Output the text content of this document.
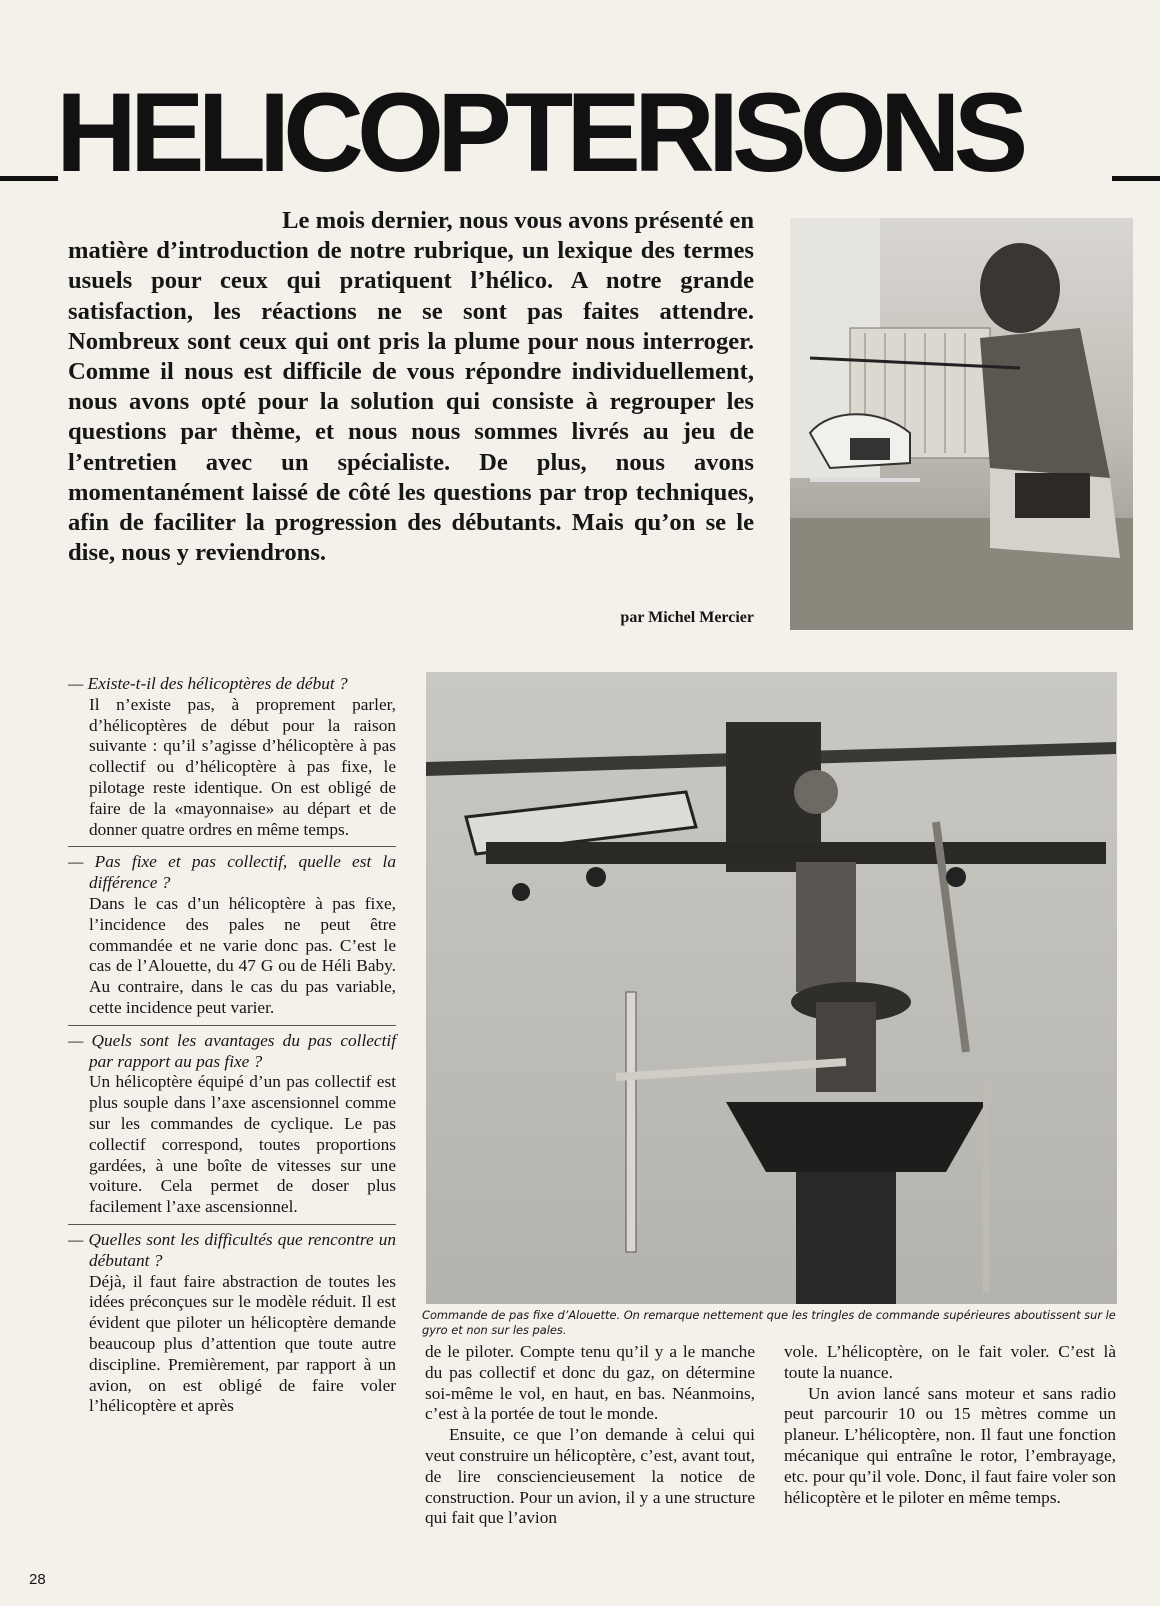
HELICOPTERISONS

Le mois dernier, nous vous avons présenté en
matière d’introduction de notre rubrique, un lexique des termes usuels pour ceux qui pratiquent l’hélico. A notre grande satisfaction, les réactions ne se sont pas faites attendre. Nombreux sont ceux qui ont pris la plume pour nous interroger. Comme il nous est difficile de vous répondre individuellement, nous avons opté pour la solution qui consiste à regrouper les questions par thème, et nous nous sommes livrés au jeu de l’entretien avec un spécialiste. De plus, nous avons momentanément laissé de côté les questions par trop techniques, afin de faciliter la progression des débutants. Mais qu’on se le dise, nous y reviendrons.

par Michel Mercier

Commande de pas fixe d’Alouette. On remarque nettement que les tringles de commande supérieures aboutissent sur le gyro et non sur les pales.

— Existe-t-il des hélicoptères de début ?

Il n’existe pas, à proprement parler, d’hélicoptères de début pour la raison suivante : qu’il s’agisse d’hélicoptère à pas collectif ou d’hélicoptère à pas fixe, le pilotage reste identique. On est obligé de faire de la «mayonnaise» au départ et de donner quatre ordres en même temps.

— Pas fixe et pas collectif, quelle est la différence ?

Dans le cas d’un hélicoptère à pas fixe, l’incidence des pales ne peut être commandée et ne varie donc pas. C’est le cas de l’Alouette, du 47 G ou de Héli Baby. Au contraire, dans le cas du pas variable, cette incidence peut varier.

— Quels sont les avantages du pas collectif par rapport au pas fixe ?

Un hélicoptère équipé d’un pas collectif est plus souple dans l’axe ascensionnel comme sur les commandes de cyclique. Le pas collectif correspond, toutes proportions gardées, à une boîte de vitesses sur une voiture. Cela permet de doser plus facilement l’axe ascensionnel.

— Quelles sont les difficultés que rencontre un débutant ?

Déjà, il faut faire abstraction de toutes les idées préconçues sur le modèle réduit. Il est évident que piloter un hélicoptère demande beaucoup plus d’attention que toute autre discipline. Premièrement, par rapport à un avion, on est obligé de faire voler l’hélicoptère et après

de le piloter. Compte tenu qu’il y a le manche du pas collectif et donc du gaz, on détermine soi-même le vol, en haut, en bas. Néanmoins, c’est à la portée de tout le monde.

Ensuite, ce que l’on demande à celui qui veut construire un hélicoptère, c’est, avant tout, de lire consciencieusement la notice de construction. Pour un avion, il y a une structure qui fait que l’avion

vole. L’hélicoptère, on le fait voler. C’est là toute la nuance.

Un avion lancé sans moteur et sans radio peut parcourir 10 ou 15 mètres comme un planeur. L’hélicoptère, non. Il faut une fonction mécanique qui entraîne le rotor, l’embrayage, etc. pour qu’il vole. Donc, il faut faire voler son hélicoptère et le piloter en même temps.

28
